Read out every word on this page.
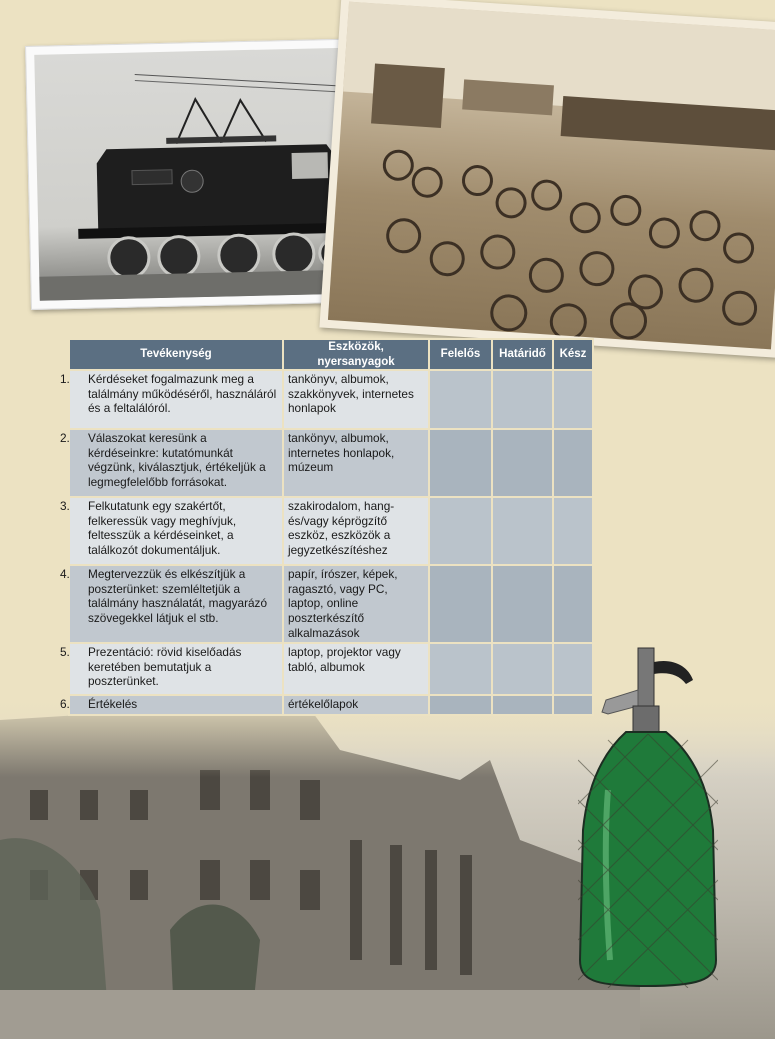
Tevékenység	Eszközök, nyersanyagok	Felelős	Határidő	Kész

1. Kérdéseket fogalmazunk meg a találmány működéséről, használáról és a feltalálóról.	tankönyv, albumok, szakkönyvek, internetes honlapok			

2. Válaszokat keresünk a kérdéseinkre: kutatómunkát végzünk, kiválasztjuk, értékeljük a legmegfelelőbb forrásokat.	tankönyv, albumok, internetes honlapok, múzeum			

3. Felkutatunk egy szakértőt, felkeressük vagy meghívjuk, feltesszük a kérdéseinket, a találkozót dokumentáljuk.	szakirodalom, hang- és/vagy képrögzítő eszköz, eszközök a jegyzetkészítéshez			

4. Megtervezzük és elkészítjük a poszterünket: szemléltetjük a találmány használatát, magyarázó szövegekkel látjuk el stb.	papír, írószer, képek, ragasztó, vagy PC, laptop, online poszterkészítő alkalmazások			

5. Prezentáció: rövid kiselőadás keretében bemutatjuk a poszterünket.	laptop, projektor vagy tabló, albumok			

6. Értékelés	értékelőlapok			
